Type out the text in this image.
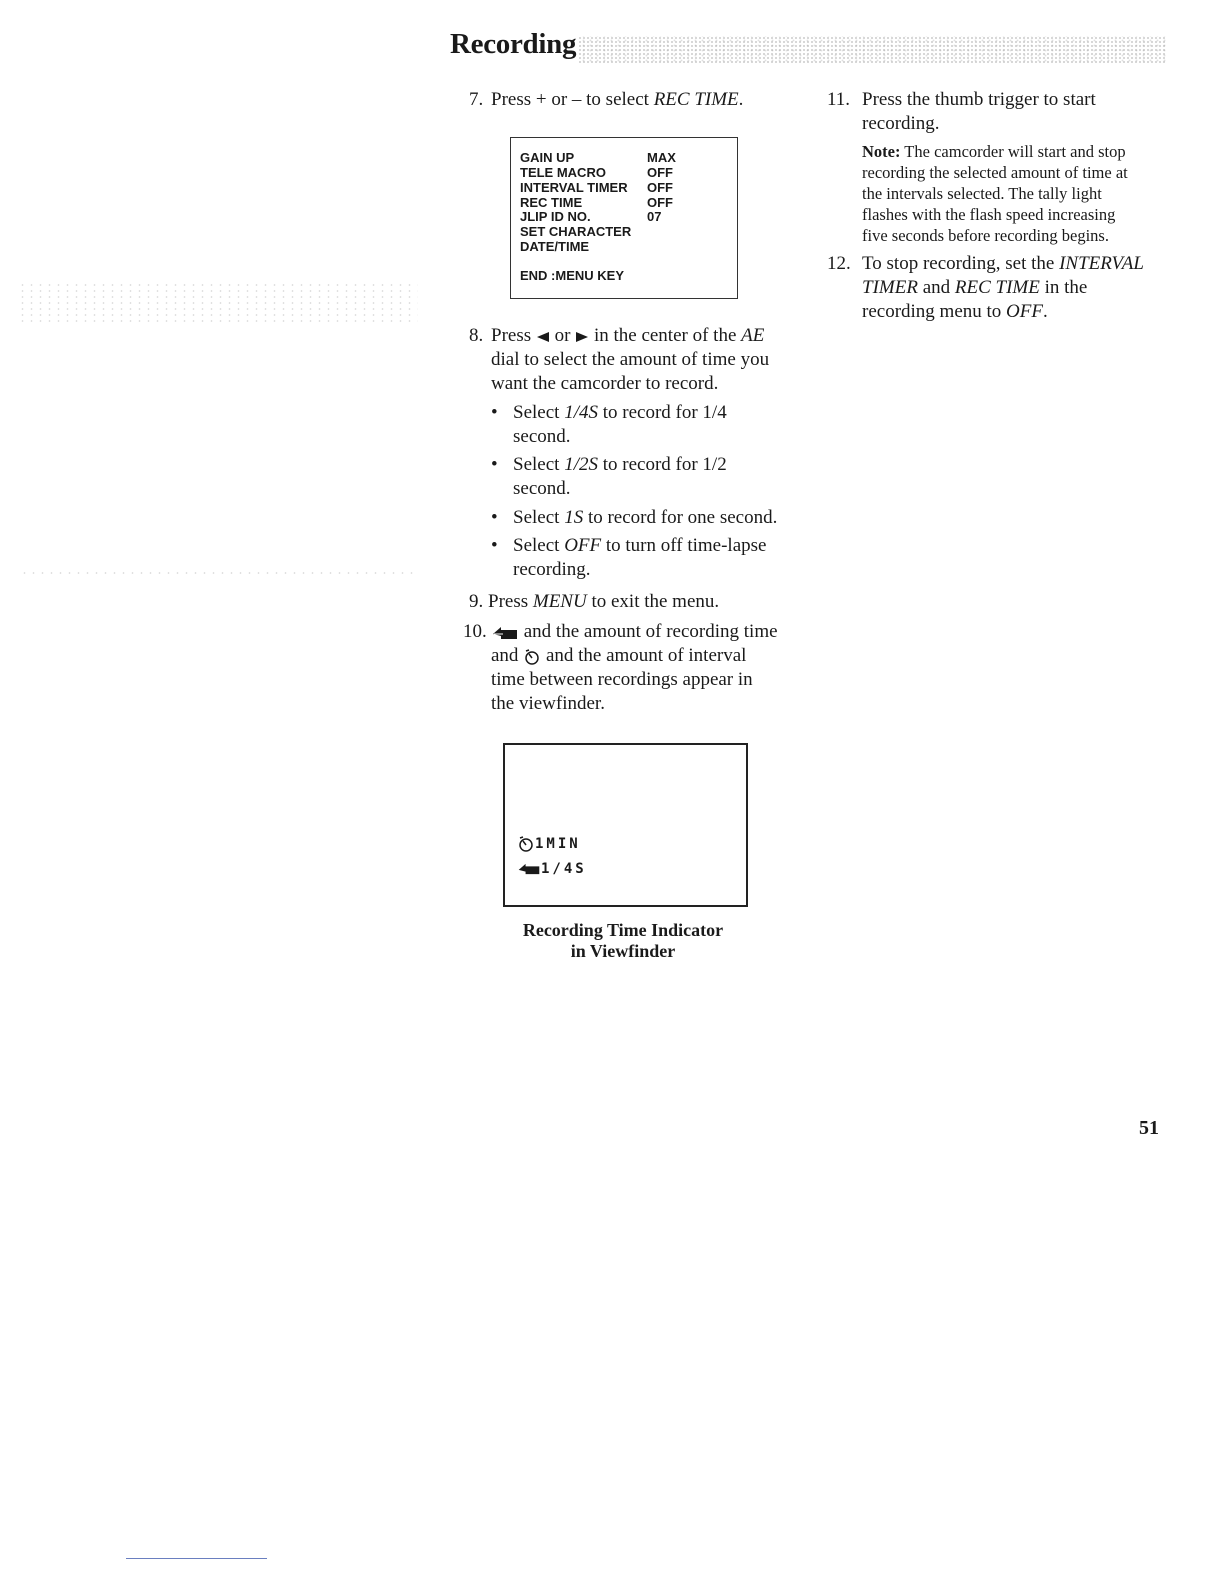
Recording
7. Press + or – to select REC TIME.
GAIN UP	MAX
TELE MACRO	OFF
INTERVAL TIMER OFF
REC TIME	OFF
JLIP ID NO.	07
SET CHARACTER
DATE/TIME
END :MENU KEY
8. Press  or  in the center of the AE
dial to select the amount of time you
want the camcorder to record.
• Select 1/4S to record for 1/4
second.
• Select 1/2S to record for 1/2
second.
• Select 1S to record for one second.
• Select OFF to turn off time-lapse
recording.
9. Press MENU to exit the menu.
10.	and the amount of recording time
and  and the amount of interval
time between recordings appear in
the viewfinder.
1MIN
1/4S
Recording Time Indicator
in Viewfinder
11. Press the thumb trigger to start
recording.
Note: The camcorder will start and stop
recording the selected amount of time at
the intervals selected. The tally light
flashes with the flash speed increasing
five seconds before recording begins.
12. To stop recording, set the INTERVAL
TIMER and REC TIME in the
recording menu to OFF.
51
